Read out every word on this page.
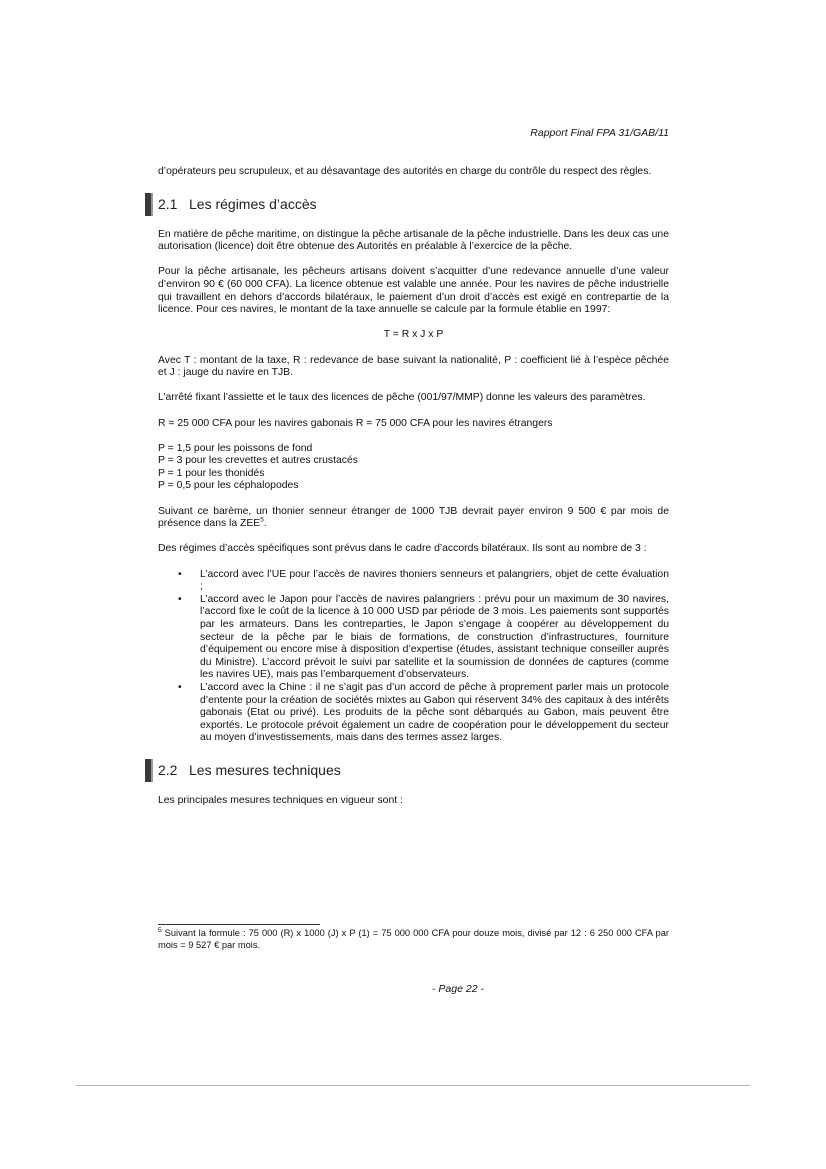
Rapport Final FPA 31/GAB/11

d’opérateurs peu scrupuleux, et au désavantage des autorités en charge du contrôle du respect des règles.

2.1 Les régimes d’accès

En matière de pêche maritime, on distingue la pêche artisanale de la pêche industrielle. Dans les deux cas une autorisation (licence) doit être obtenue des Autorités en préalable à l’exercice de la pêche.

Pour la pêche artisanale, les pêcheurs artisans doivent s’acquitter d’une redevance annuelle d’une valeur d’environ 90 € (60 000 CFA). La licence obtenue est valable une année. Pour les navires de pêche industrielle qui travaillent en dehors d’accords bilatéraux, le paiement d’un droit d’accès est exigé en contrepartie de la licence. Pour ces navires, le montant de la taxe annuelle se calcule par la formule établie en 1997:

T = R x J x P

Avec T : montant de la taxe, R : redevance de base suivant la nationalité, P : coefficient lié à l’espèce pêchée et J : jauge du navire en TJB.

L’arrêté fixant l’assiette et le taux des licences de pêche (001/97/MMP) donne les valeurs des paramètres.

R = 25 000 CFA pour les navires gabonais R = 75 000 CFA pour les navires étrangers

P = 1,5 pour les poissons de fond
P = 3 pour les crevettes et autres crustacés
P = 1 pour les thonidés
P = 0,5 pour les céphalopodes

Suivant ce barème, un thonier senneur étranger de 1000 TJB devrait payer environ 9 500 € par mois de présence dans la ZEE$^5$.

Des régimes d’accès spécifiques sont prévus dans le cadre d’accords bilatéraux. Ils sont au nombre de 3 :

• L’accord avec l’UE pour l’accès de navires thoniers senneurs et palangriers, objet de cette évaluation ;
• L’accord avec le Japon pour l’accès de navires palangriers : prévu pour un maximum de 30 navires, l’accord fixe le coût de la licence à 10 000 USD par période de 3 mois. Les paiements sont supportés par les armateurs. Dans les contreparties, le Japon s’engage à coopérer au développement du secteur de la pêche par le biais de formations, de construction d’infrastructures, fourniture d’équipement ou encore mise à disposition d’expertise (études, assistant technique conseiller auprès du Ministre). L’accord prévoit le suivi par satellite et la soumission de données de captures (comme les navires UE), mais pas l’embarquement d’observateurs.
• L’accord avec la Chine : il ne s’agit pas d’un accord de pêche à proprement parler mais un protocole d’entente pour la création de sociétés mixtes au Gabon qui réservent 34% des capitaux à des intérêts gabonais (Etat ou privé). Les produits de la pêche sont débarqués au Gabon, mais peuvent être exportés. Le protocole prévoit également un cadre de coopération pour le développement du secteur au moyen d’investissements, mais dans des termes assez larges.
2.2 Les mesures techniques

Les principales mesures techniques en vigueur sont :

$^5$ Suivant la formule : 75 000 (R) x 1000 (J) x P (1) = 75 000 000 CFA pour douze mois, divisé par 12 : 6 250 000 CFA par mois = 9 527 € par mois.
- Page 22 -
